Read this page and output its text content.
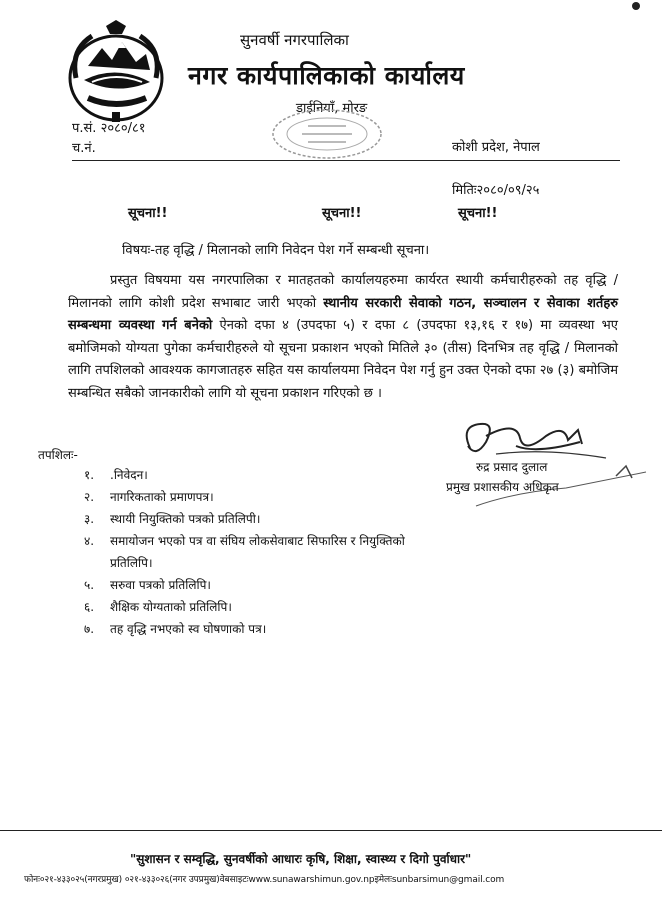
सुनवर्षी नगरपालिका
नगर कार्यपालिकाको कार्यालय
डाईनियाँ, मोरङ
प.सं. २०८०/८१
च.नं.	कोशी प्रदेश, नेपाल
मितिः२०८०/०९/२५
सूचना!!	सूचना!!	सूचना!!
विषयः-तह वृद्धि / मिलानको लागि निवेदन पेश गर्ने सम्बन्धी सूचना।
प्रस्तुत विषयमा यस नगरपालिका र मातहतको कार्यालयहरुमा कार्यरत स्थायी कर्मचारीहरुको तह वृद्धि / मिलानको लागि कोशी प्रदेश सभाबाट जारी भएको स्थानीय सरकारी सेवाको गठन, सञ्चालन र सेवाका शर्तहरु सम्बन्धमा व्यवस्था गर्न बनेको ऐनको दफा ४ (उपदफा ५) र दफा ८ (उपदफा १३,१६ र १७) मा व्यवस्था भए बमोजिमको योग्यता पुगेका कर्मचारीहरुले यो सूचना प्रकाशन भएको मितिले ३० (तीस) दिनभित्र तह वृद्धि / मिलानको लागि तपशिलको आवश्यक कागजातहरु सहित यस कार्यालयमा निवेदन पेश गर्नु हुन उक्त ऐनको दफा २७ (३) बमोजिम सम्बन्धित सबैको जानकारीको लागि यो सूचना प्रकाशन गरिएको छ ।
रुद्र प्रसाद दुलाल
प्रमुख प्रशासकीय अधिकृत
तपशिलः-
१. .निवेदन।
२. नागरिकताको प्रमाणपत्र।
३. स्थायी नियुक्तिको पत्रको प्रतिलिपी।
४. समायोजन भएको पत्र वा संघिय लोकसेवाबाट सिफारिस र नियुक्तिको
प्रतिलिपि।
५. सरुवा पत्रको प्रतिलिपि।
६. शैक्षिक योग्यताको प्रतिलिपि।
७. तह वृद्धि नभएको स्व घोषणाको पत्र।
"सुशासन र सम्वृद्धि, सुनवर्षीको आधारः कृषि, शिक्षा, स्वास्थ्य र दिगो पुर्वाधार"
फोनः०२१-४३३०२५(नगरप्रमुख) ०२१-४३३०२६(नगर उपप्रमुख)वेबसाइटःwww.sunawarshimun.gov.npइमेलःsunbarsimun@gmail.com
